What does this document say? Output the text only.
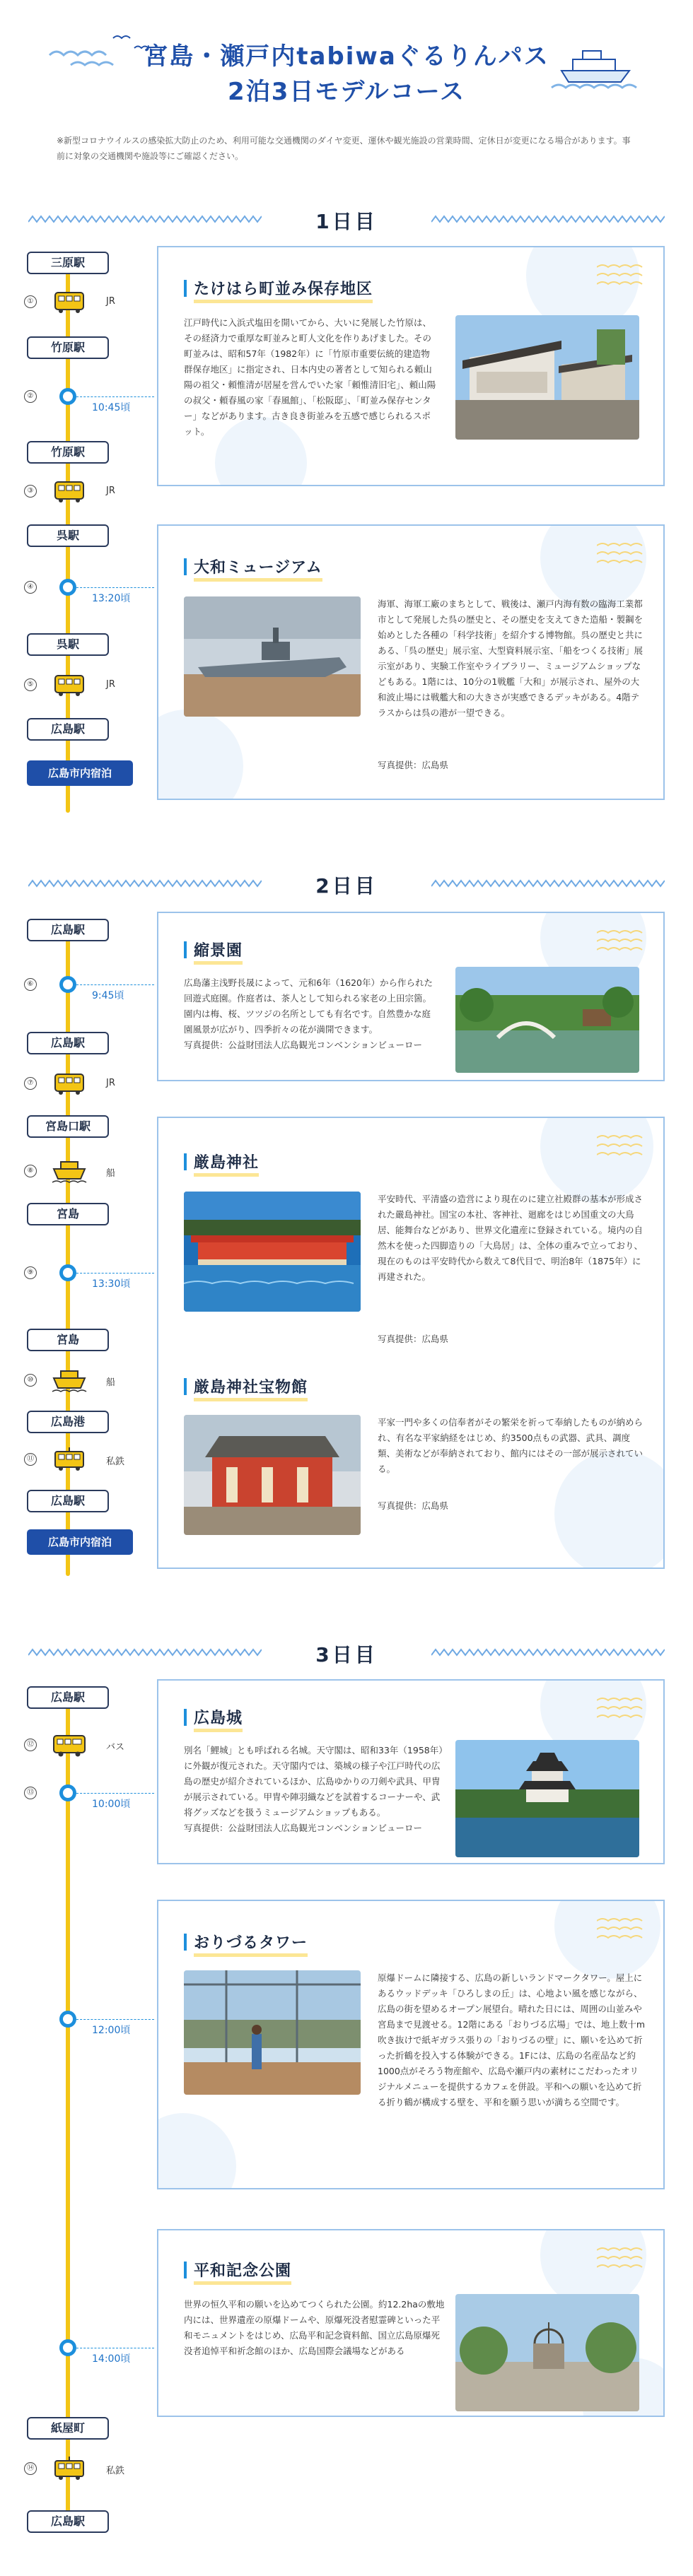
宮島・瀬戸内tabiwaぐるりんパス
2泊3日モデルコース
※新型コロナウイルスの感染拡大防止のため、利用可能な交通機関のダイヤ変更、運休や観光施設の営業時間、定休日が変更になる場合があります。事前に対象の交通機関や施設等にご確認ください。
1日目
三原駅
①	JR
竹原駅
②
10:45頃
竹原駅
③	JR
呉駅
④
13:20頃
呉駅
⑤	JR
広島駅
広島市内宿泊
たけはら町並み保存地区
江戸時代に入浜式塩田を開いてから、大いに発展した竹原は、その経済力で重厚な町並みと町人文化を作りあげました。その町並みは、昭和57年（1982年）に「竹原市重要伝統的建造物群保存地区」に指定され、日本内史の著者として知られる頼山陽の祖父・頼惟清が居屋を営んでいた家「頼惟清旧宅」、頼山陽の叔父・頼春風の家「春風館」、「松阪邸」、「町並み保存センター」などがあります。古き良き街並みを五感で感じられるスポット。
大和ミュージアム
海軍、海軍工廠のまちとして、戦後は、瀬戸内海有数の臨海工業都市として発展した呉の歴史と、その歴史を支えてきた造船・製鋼を始めとした各種の「科学技術」を紹介する博物館。呉の歴史と共にある、「呉の歴史」展示室、大型資料展示室、「船をつくる技術」展示室があり、実験工作室やライブラリー、ミュージアムショップなどもある。1階には、10分の1戦艦「大和」が展示され、屋外の大和波止場には戦艦大和の大きさが実感できるデッキがある。4階テラスからは呉の港が一望できる。
写真提供：広島県
2日目
広島駅
⑥
9:45頃
広島駅
⑦	JR
宮島口駅
⑧	船
宮島
⑨
13:30頃
宮島
⑩	船
広島港
⑪	私鉄
広島駅
広島市内宿泊
縮景園
広島藩主浅野長晟によって、元和6年（1620年）から作られた回遊式庭園。作庭者は、茶人として知られる家老の上田宗箇。園内は梅、桜、ツツジの名所としても有名です。自然豊かな庭園風景が広がり、四季折々の花が満開できます。
写真提供：公益財団法人広島観光コンベンションビューロー
厳島神社
平安時代、平清盛の造営により現在のに建立社殿群の基本が形成された嚴島神社。国宝の本社、客神社、廻廊をはじめ国重文の大鳥居、能舞台などがあり、世界文化遺産に登録されている。境内の自然木を使った四脚造りの「大鳥居」は、全体の重みで立っており、現在のものは平安時代から数えて8代目で、明治8年（1875年）に再建された。
写真提供：広島県
厳島神社宝物館
平家一門や多くの信奉者がその繁栄を祈って奉納したものが納められ、有名な平家納経をはじめ、約3500点もの武器、武具、調度類、美術などが奉納されており、館内にはその一部が展示されている。
写真提供：広島県
3日目
広島駅
⑫	バス
⑬
10:00頃
12:00頃
14:00頃
紙屋町
⑭	私鉄
広島駅
広島城
別名「鯉城」とも呼ばれる名城。天守閣は、昭和33年（1958年）に外観が復元された。天守閣内では、築城の様子や江戸時代の広島の歴史が紹介されているほか、広島ゆかりの刀剣や武具、甲冑が展示されている。甲冑や陣羽織などを試着するコーナーや、武将グッズなどを扱うミュージアムショップもある。
写真提供：公益財団法人広島観光コンベンションビューロー
おりづるタワー
原爆ドームに隣接する、広島の新しいランドマークタワー。屋上にあるウッドデッキ「ひろしまの丘」は、心地よい風を感じながら、広島の街を望めるオープン展望台。晴れた日には、周囲の山並みや宮島まで見渡せる。12階にある「おりづる広場」では、地上数十m吹き抜けで紙ギガラス張りの「おりづるの壁」に、願いを込めて折った折鶴を投入する体験ができる。1Fには、広島の名産品など約1000点がそろう物産館や、広島や瀬戸内の素材にこだわったオリジナルメニューを提供するカフェを併設。平和への願いを込めて折る折り鶴が構成する壁を、平和を願う思いが満ちる空間です。
平和記念公園
世界の恒久平和の願いを込めてつくられた公園。約12.2haの敷地内には、世界遺産の原爆ドームや、原爆死没者慰霊碑といった平和モニュメントをはじめ、広島平和記念資料館、国立広島原爆死没者追悼平和祈念館のほか、広島国際会議場などがある
